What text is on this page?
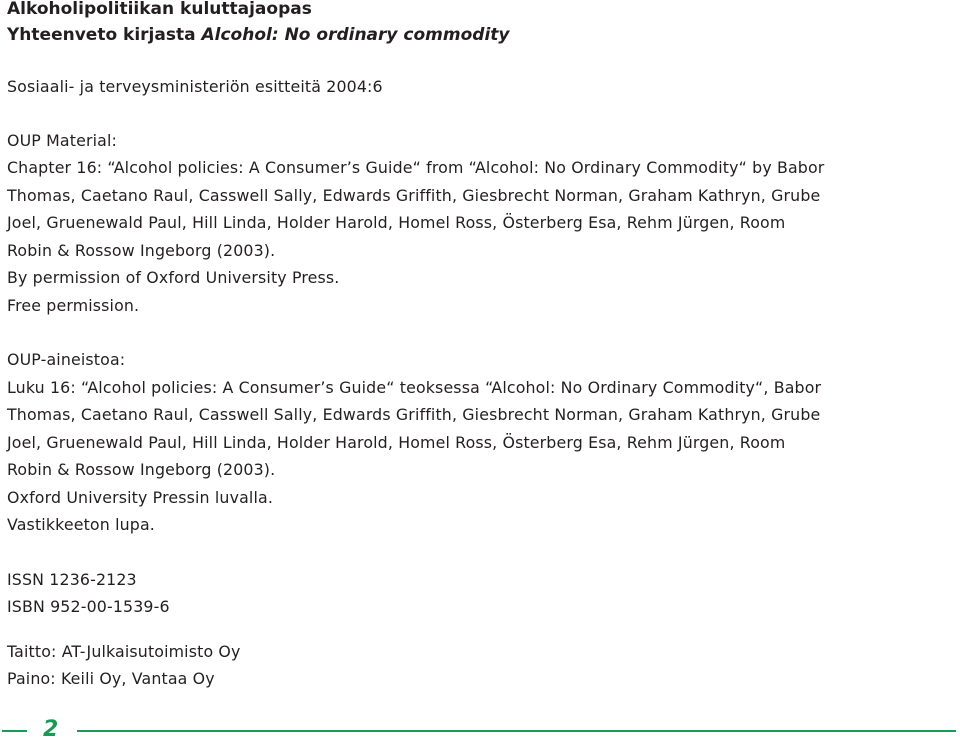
Alkoholipolitiikan kuluttajaopas
Yhteenveto kirjasta Alcohol: No ordinary commodity
Sosiaali- ja terveysministeriön esitteitä 2004:6
OUP Material:
Chapter 16: “Alcohol policies: A Consumer’s Guide“ from “Alcohol: No Ordinary Commodity“ by Babor
Thomas, Caetano Raul, Casswell Sally, Edwards Griffith, Giesbrecht Norman, Graham Kathryn, Grube
Joel, Gruenewald Paul, Hill Linda, Holder Harold, Homel Ross, Österberg Esa, Rehm Jürgen, Room
Robin & Rossow Ingeborg (2003).
By permission of Oxford University Press.
Free permission.
OUP-aineistoa:
Luku 16: “Alcohol policies: A Consumer’s Guide“ teoksessa “Alcohol: No Ordinary Commodity“, Babor
Thomas, Caetano Raul, Casswell Sally, Edwards Griffith, Giesbrecht Norman, Graham Kathryn, Grube
Joel, Gruenewald Paul, Hill Linda, Holder Harold, Homel Ross, Österberg Esa, Rehm Jürgen, Room
Robin & Rossow Ingeborg (2003).
Oxford University Pressin luvalla.
Vastikkeeton lupa.
ISSN 1236-2123
ISBN 952-00-1539-6
Taitto: AT-Julkaisutoimisto Oy
Paino: Keili Oy, Vantaa Oy
2
